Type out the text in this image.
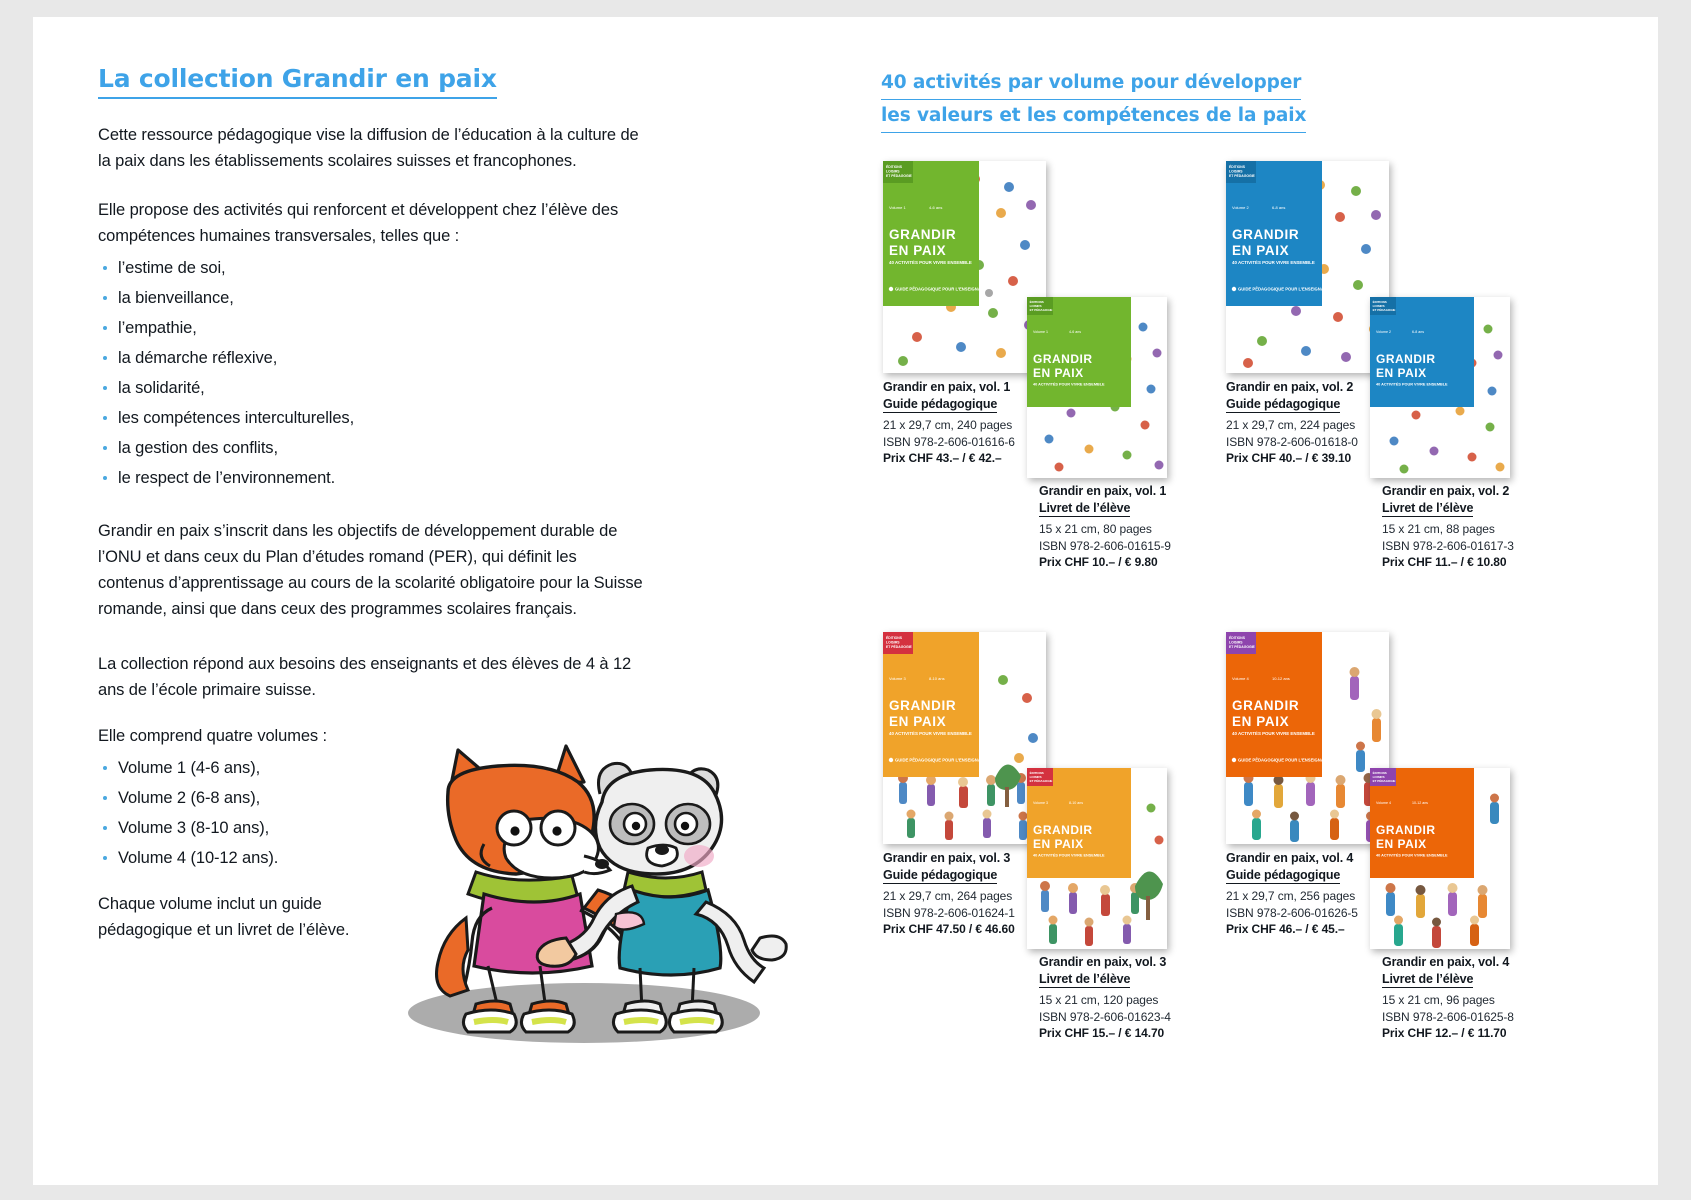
La collection Grandir en paix
Cette ressource pédagogique vise la diffusion de l’éducation à la culture de la paix dans les établissements scolaires suisses et francophones.
Elle propose des activités qui renforcent et développent chez l’élève des compétences humaines transversales, telles que :
l’estime de soi,
la bienveillance,
l’empathie,
la démarche réflexive,
la solidarité,
les compétences interculturelles,
la gestion des conflits,
le respect de l’environnement.
Grandir en paix s’inscrit dans les objectifs de développement durable de l’ONU et dans ceux du Plan d’études romand (PER), qui définit les contenus d’apprentissage au cours de la scolarité obligatoire pour la Suisse romande, ainsi que dans ceux des programmes scolaires français.
La collection répond aux besoins des enseignants et des élèves de 4 à 12 ans de l’école primaire suisse.
Elle comprend quatre volumes :
Volume 1 (4-6 ans),
Volume 2 (6-8 ans),
Volume 3 (8-10 ans),
Volume 4 (10-12 ans).
Chaque volume inclut un guide pédagogique et un livret de l’élève.
40 activités par volume pour développer
les valeurs et les compétences de la paix
ÉDITIONS
LOISIRS
ET PÉDAGOGIE
Volume 1	4-6 ans
GRANDIR
EN PAIX
40 ACTIVITÉS POUR VIVRE ENSEMBLE
GUIDE PÉDAGOGIQUE POUR L’ENSEIGNANT
ÉDITIONS
LOISIRS
ET PÉDAGOGIE
Volume 1	4-6 ans
GRANDIR
EN PAIX
40 ACTIVITÉS POUR VIVRE ENSEMBLE
Grandir en paix, vol. 1
Guide pédagogique
21 x 29,7 cm, 240 pages
ISBN 978-2-606-01616-6
Prix CHF 43.– / € 42.–
Grandir en paix, vol. 1
Livret de l’élève
15 x 21 cm, 80 pages
ISBN 978-2-606-01615-9
Prix CHF 10.– / € 9.80
ÉDITIONS
LOISIRS
ET PÉDAGOGIE
Volume 2	6-8 ans
GRANDIR
EN PAIX
40 ACTIVITÉS POUR VIVRE ENSEMBLE
GUIDE PÉDAGOGIQUE POUR L’ENSEIGNANT
ÉDITIONS
LOISIRS
ET PÉDAGOGIE
Volume 2	6-8 ans
GRANDIR
EN PAIX
40 ACTIVITÉS POUR VIVRE ENSEMBLE
Grandir en paix, vol. 2
Guide pédagogique
21 x 29,7 cm, 224 pages
ISBN 978-2-606-01618-0
Prix CHF 40.– / € 39.10
Grandir en paix, vol. 2
Livret de l’élève
15 x 21 cm, 88 pages
ISBN 978-2-606-01617-3
Prix CHF 11.– / € 10.80
ÉDITIONS
LOISIRS
ET PÉDAGOGIE
Volume 3	8-10 ans
GRANDIR
EN PAIX
40 ACTIVITÉS POUR VIVRE ENSEMBLE
GUIDE PÉDAGOGIQUE POUR L’ENSEIGNANT
ÉDITIONS
LOISIRS
ET PÉDAGOGIE
Volume 3	8-10 ans
GRANDIR
EN PAIX
40 ACTIVITÉS POUR VIVRE ENSEMBLE
Grandir en paix, vol. 3
Guide pédagogique
21 x 29,7 cm, 264 pages
ISBN 978-2-606-01624-1
Prix CHF 47.50 / € 46.60
Grandir en paix, vol. 3
Livret de l’élève
15 x 21 cm, 120 pages
ISBN 978-2-606-01623-4
Prix CHF 15.– / € 14.70
ÉDITIONS
LOISIRS
ET PÉDAGOGIE
Volume 4	10-12 ans
GRANDIR
EN PAIX
40 ACTIVITÉS POUR VIVRE ENSEMBLE
GUIDE PÉDAGOGIQUE POUR L’ENSEIGNANT
ÉDITIONS
LOISIRS
ET PÉDAGOGIE
Volume 4	10-12 ans
GRANDIR
EN PAIX
40 ACTIVITÉS POUR VIVRE ENSEMBLE
Grandir en paix, vol. 4
Guide pédagogique
21 x 29,7 cm, 256 pages
ISBN 978-2-606-01626-5
Prix CHF 46.– / € 45.–
Grandir en paix, vol. 4
Livret de l’élève
15 x 21 cm, 96 pages
ISBN 978-2-606-01625-8
Prix CHF 12.– / € 11.70
